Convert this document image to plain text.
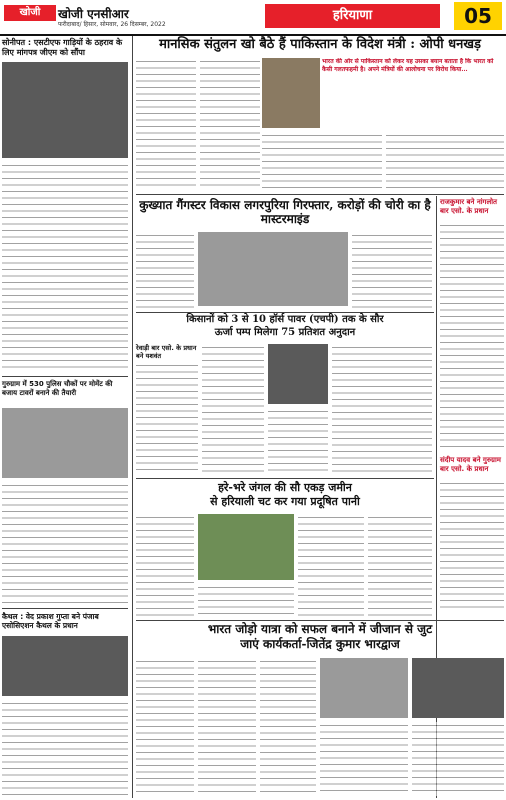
खोजी	खोजी एनसीआर
फरीदाबाद/ हिसार, सोमवार, 26 दिसम्बर, 2022
हरियाणा	05
सोनीपत : एसटीएफ गाड़ियों के ठहराव के लिए मांगपत्र जीएम को सौंपा
गुरुग्राम में 530 पुलिस चौकों पर मोमेंट की बजाय टावरों बनाने की तैयारी
कैथल : वेद प्रकाश गुप्ता बने पंजाब एसोसिएशन कैथल के प्रधान
मानसिक संतुलन खो बैठे हैं पाकिस्तान के विदेश मंत्री : ओपी धनखड़
भारत की ओर से पाकिस्तान को लेकर यह उसका बयान बताता है कि भारत को कैसी गलतफहमी है। अपने मंत्रियों की आलोचना पर विरोध किया...
राजकुमार बने नांगलोत बार एसो. के प्रधान
संदीप यादव बने गुरुग्राम बार एसो. के प्रधान
कुख्यात गैंगस्टर विकास लगरपुरिया गिरफ्तार, करोड़ों की चोरी का है मास्टरमाइंड
किसानों को 3 से 10 हॉर्स पावर (एचपी) तक के सौर
ऊर्जा पम्प मिलेगा 75 प्रतिशत अनुदान
रेवाड़ी बार एसो. के प्रधान बने यशवंत
हरे-भरे जंगल की सौ एकड़ जमीन
से हरियाली चट कर गया प्रदूषित पानी
भारत जोड़ो यात्रा को सफल बनाने में जीजान से जुट
जाएं कार्यकर्ता-जितेंद्र कुमार भारद्वाज
